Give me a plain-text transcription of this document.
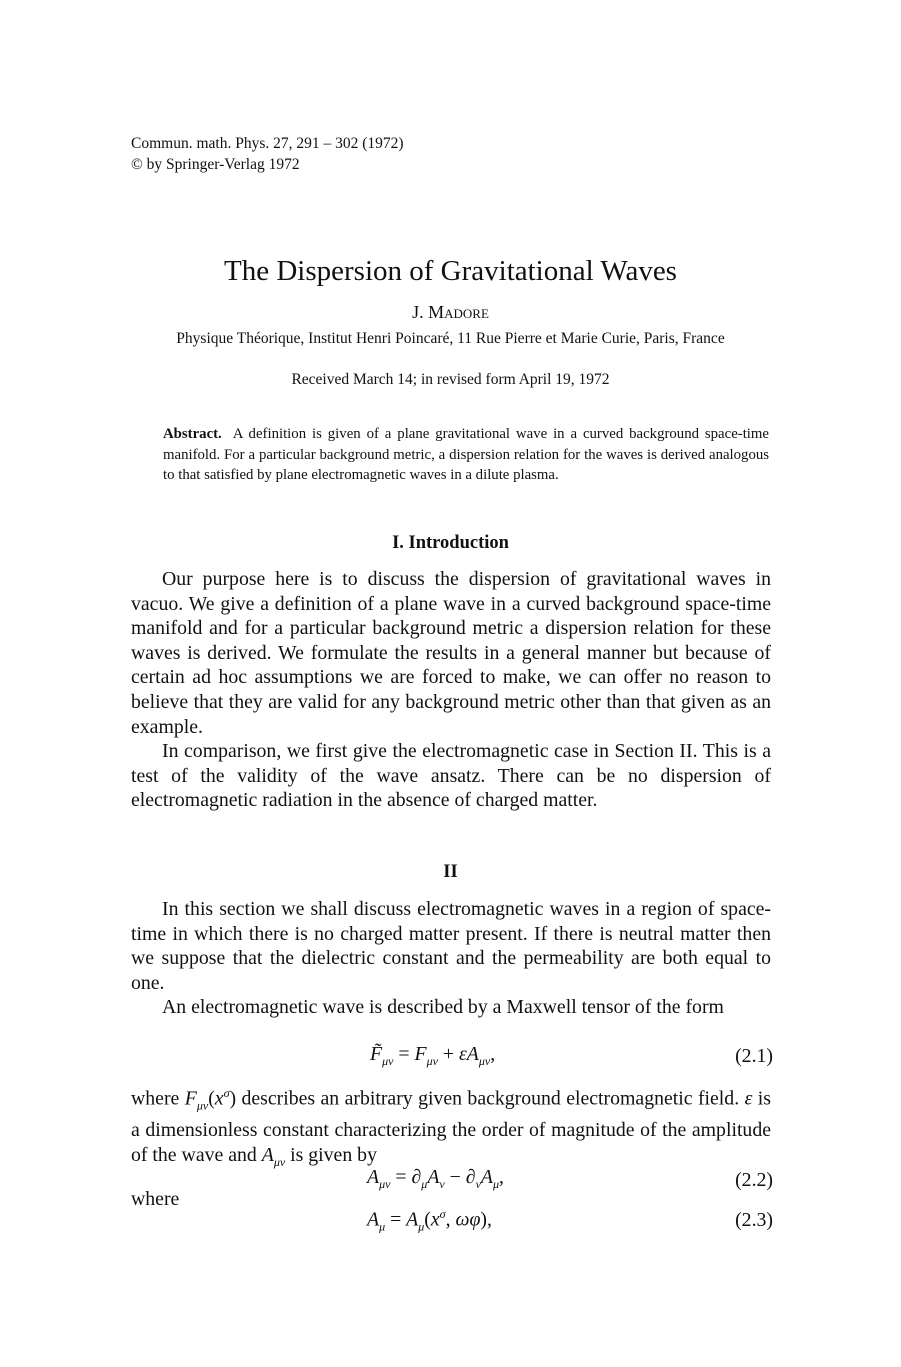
Commun. math. Phys. 27, 291 – 302 (1972)
© by Springer-Verlag 1972
The Dispersion of Gravitational Waves
J. Madore
Physique Théorique, Institut Henri Poincaré, 11 Rue Pierre et Marie Curie, Paris, France
Received March 14; in revised form April 19, 1972
Abstract. A definition is given of a plane gravitational wave in a curved background space-time manifold. For a particular background metric, a dispersion relation for the waves is derived analogous to that satisfied by plane electromagnetic waves in a dilute plasma.
I. Introduction

Our purpose here is to discuss the dispersion of gravitational waves in vacuo. We give a definition of a plane wave in a curved background space-time manifold and for a particular background metric a dispersion relation for these waves is derived. We formulate the results in a general manner but because of certain ad hoc assumptions we are forced to make, we can offer no reason to believe that they are valid for any background metric other than that given as an example.

In comparison, we first give the electromagnetic case in Section II. This is a test of the validity of the wave ansatz. There can be no dispersion of electromagnetic radiation in the absence of charged matter.

II

In this section we shall discuss electromagnetic waves in a region of space-time in which there is no charged matter present. If there is neutral matter then we suppose that the dielectric constant and the permeability are both equal to one.

An electromagnetic wave is described by a Maxwell tensor of the form

$F̃_{\mu\nu} = F_{\mu\nu} + \varepsilon A_{\mu\nu}$,	(2.1)
where $F_{\mu\nu}(x^\sigma)$ describes an arbitrary given background electromagnetic field. ε is a dimensionless constant characterizing the order of magnitude of the amplitude of the wave and $A_{\mu\nu}$ is given by
$A_{\mu\nu} = \partial_\mu A_\nu - \partial_\nu A_\mu$,	(2.2)
where
$A_\mu = A_\mu(x^\sigma$, ωφ),	(2.3)
